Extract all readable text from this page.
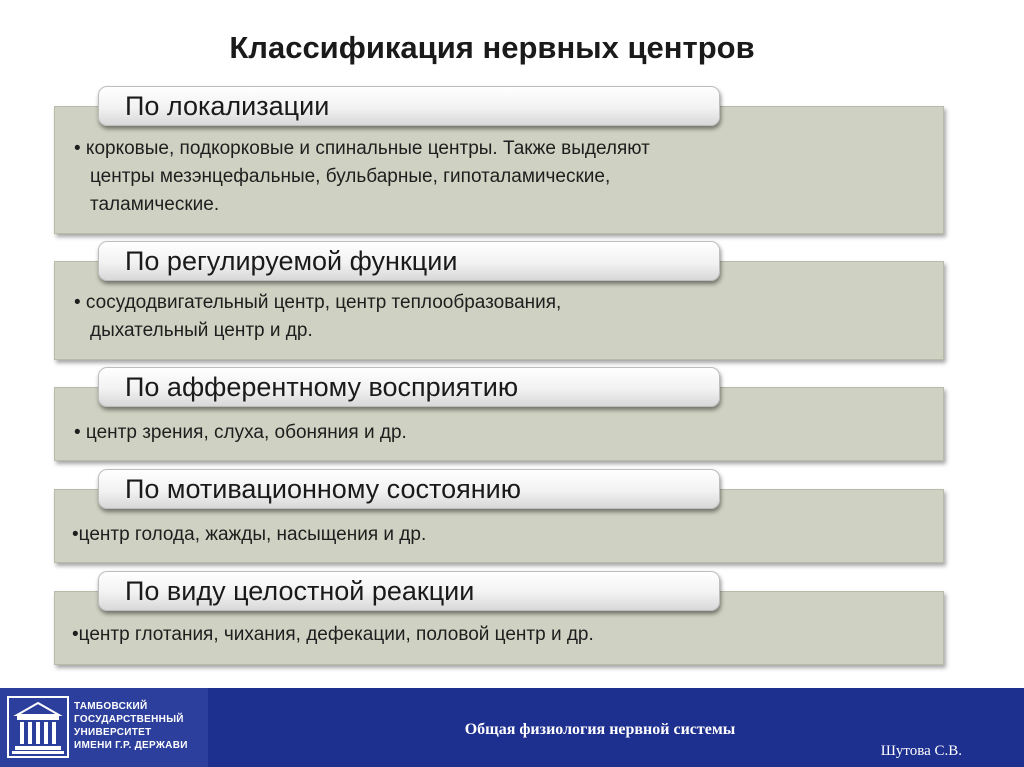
Классификация нервных центров
• корковые, подкорковые и спинальные центры. Также выделяют
центры мезэнцефальные, бульбарные, гипоталамические,
таламические.
По локализации
• сосудодвигательный центр, центр теплообразования,
дыхательный центр и др.
По регулируемой функции
• центр зрения, слуха, обоняния и др.
По афферентному восприятию
•центр голода, жажды, насыщения и др.
По мотивационному состоянию
•центр глотания, чихания, дефекации, половой центр и др.
По виду целостной реакции
ТАМБОВСКИЙ
ГОСУДАРСТВЕННЫЙ
УНИВЕРСИТЕТ
ИМЕНИ Г.Р. ДЕРЖАВИ
Общая физиология нервной системы
Шутова С.В.
